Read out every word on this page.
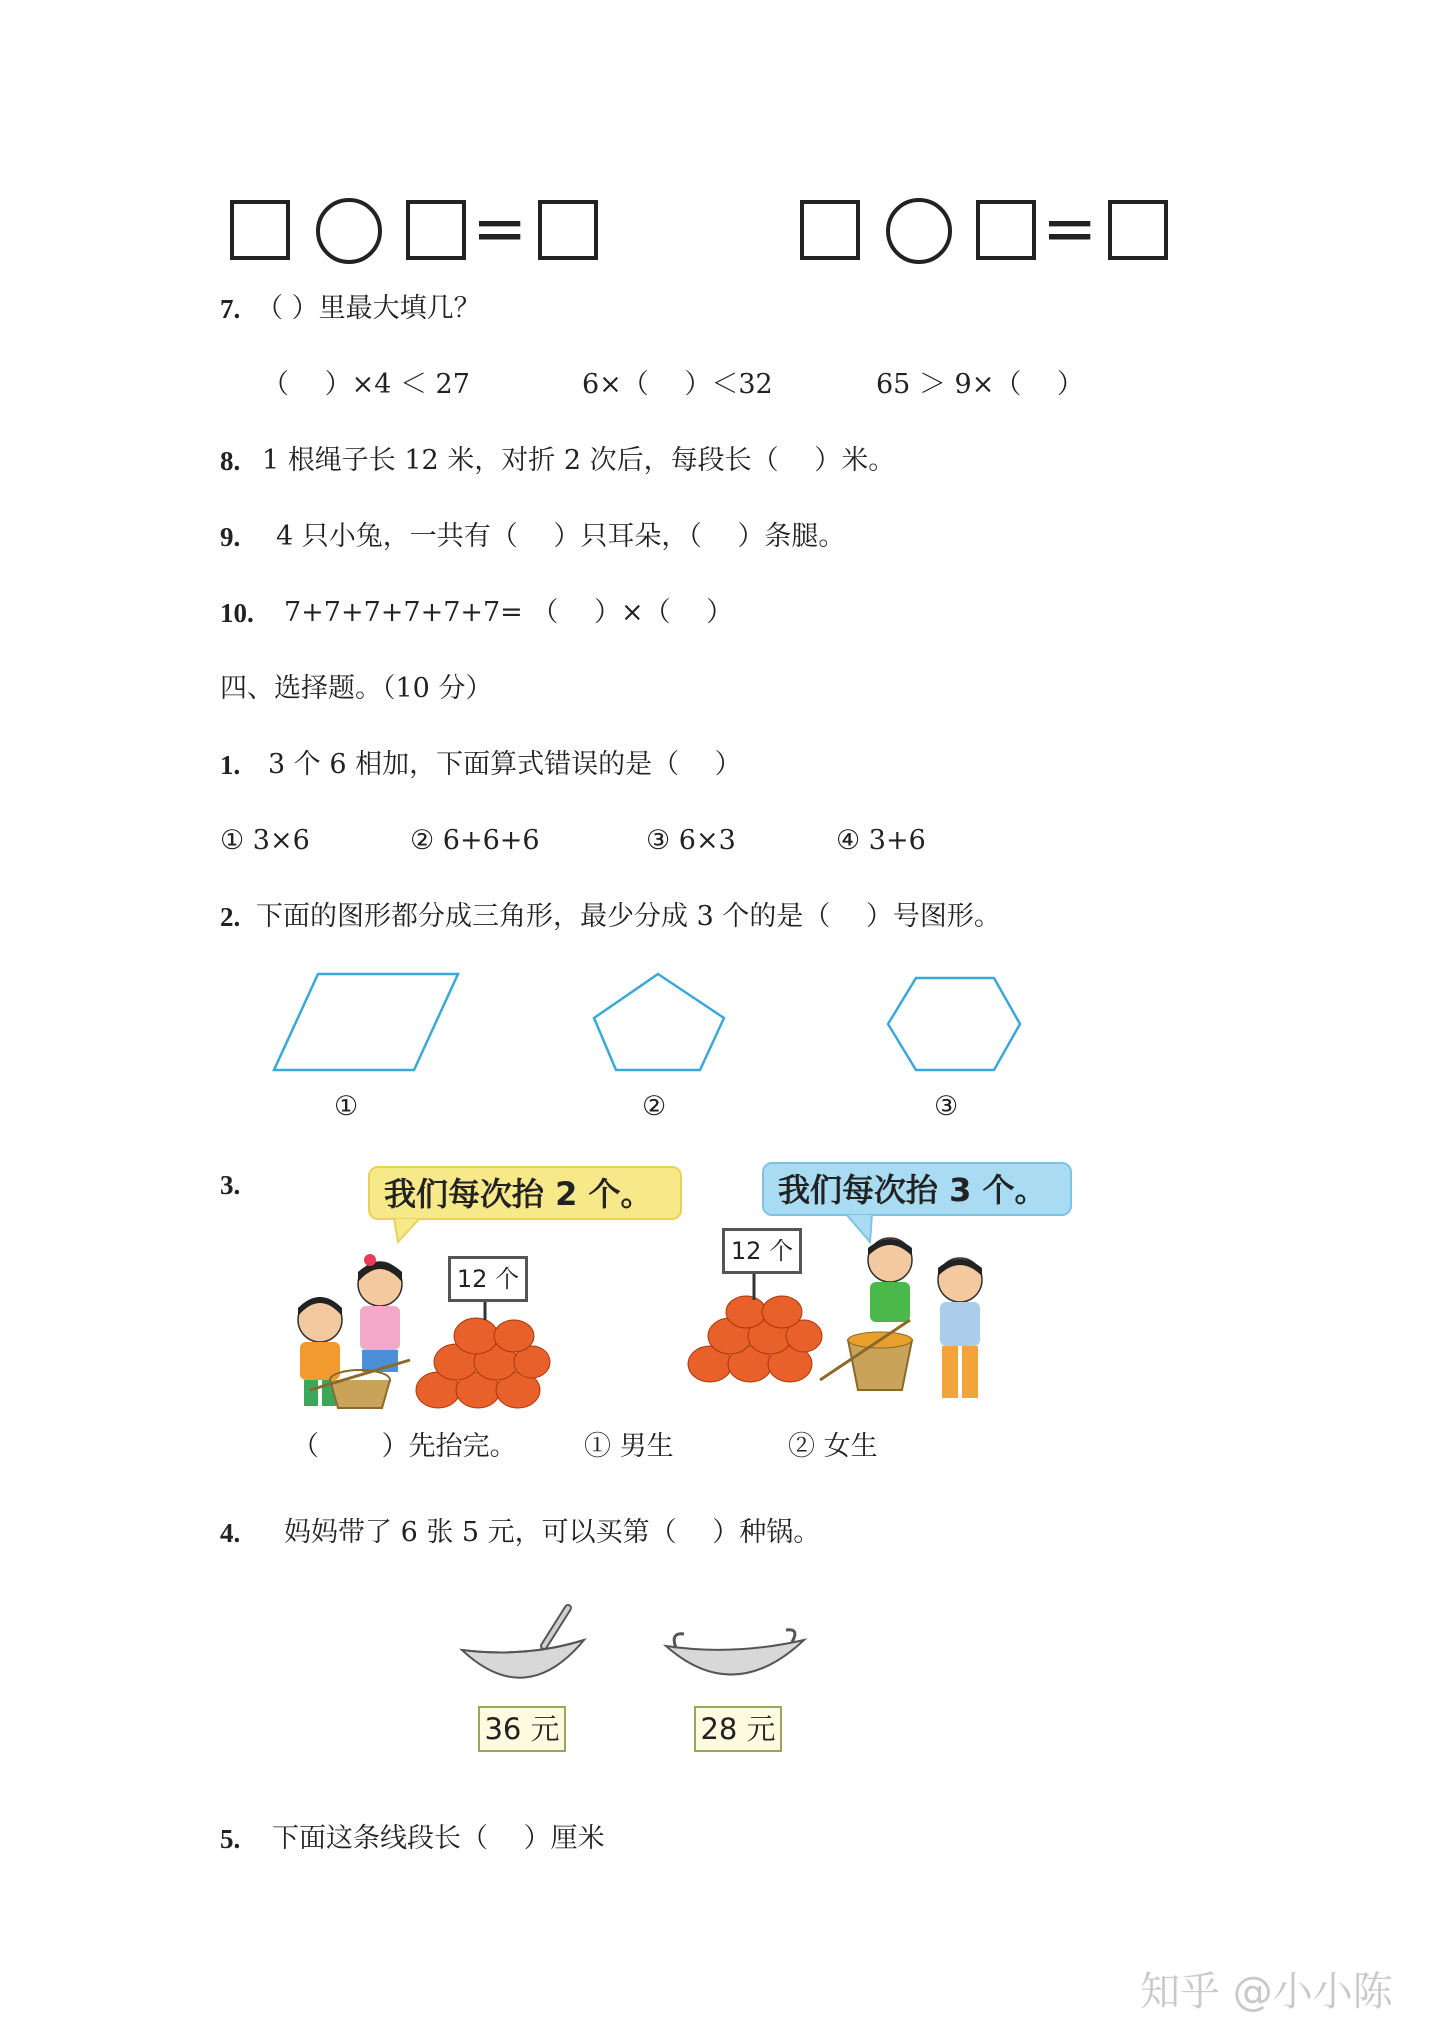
=	=
7. （ ）里最大填几？
（　 ）×4 ＜ 27	6×（　 ）＜32	65 ＞ 9×（　 ）
8. 1 根绳子长 12 米，对折 2 次后，每段长（　 ）米。
9. 4 只小兔，一共有（　 ）只耳朵，（　 ）条腿。
10. 7+7+7+7+7+7= （　 ）×（　 ）
四、选择题。（10 分）
1. 3 个 6 相加，下面算式错误的是（　 ）
① 3×6	② 6+6+6	③ 6×3	④ 3+6
2. 下面的图形都分成三角形，最少分成 3 个的是（　 ）号图形。
①	②	③
3.	我们每次抬 2 个。	我们每次抬 3 个。
12 个
12 个
（　　 ）先抬完。 ① 男生	② 女生
4. 妈妈带了 6 张 5 元，可以买第（　 ）种锅。
36 元	28 元
5. 下面这条线段长（　 ）厘米
知乎 @小小陈
